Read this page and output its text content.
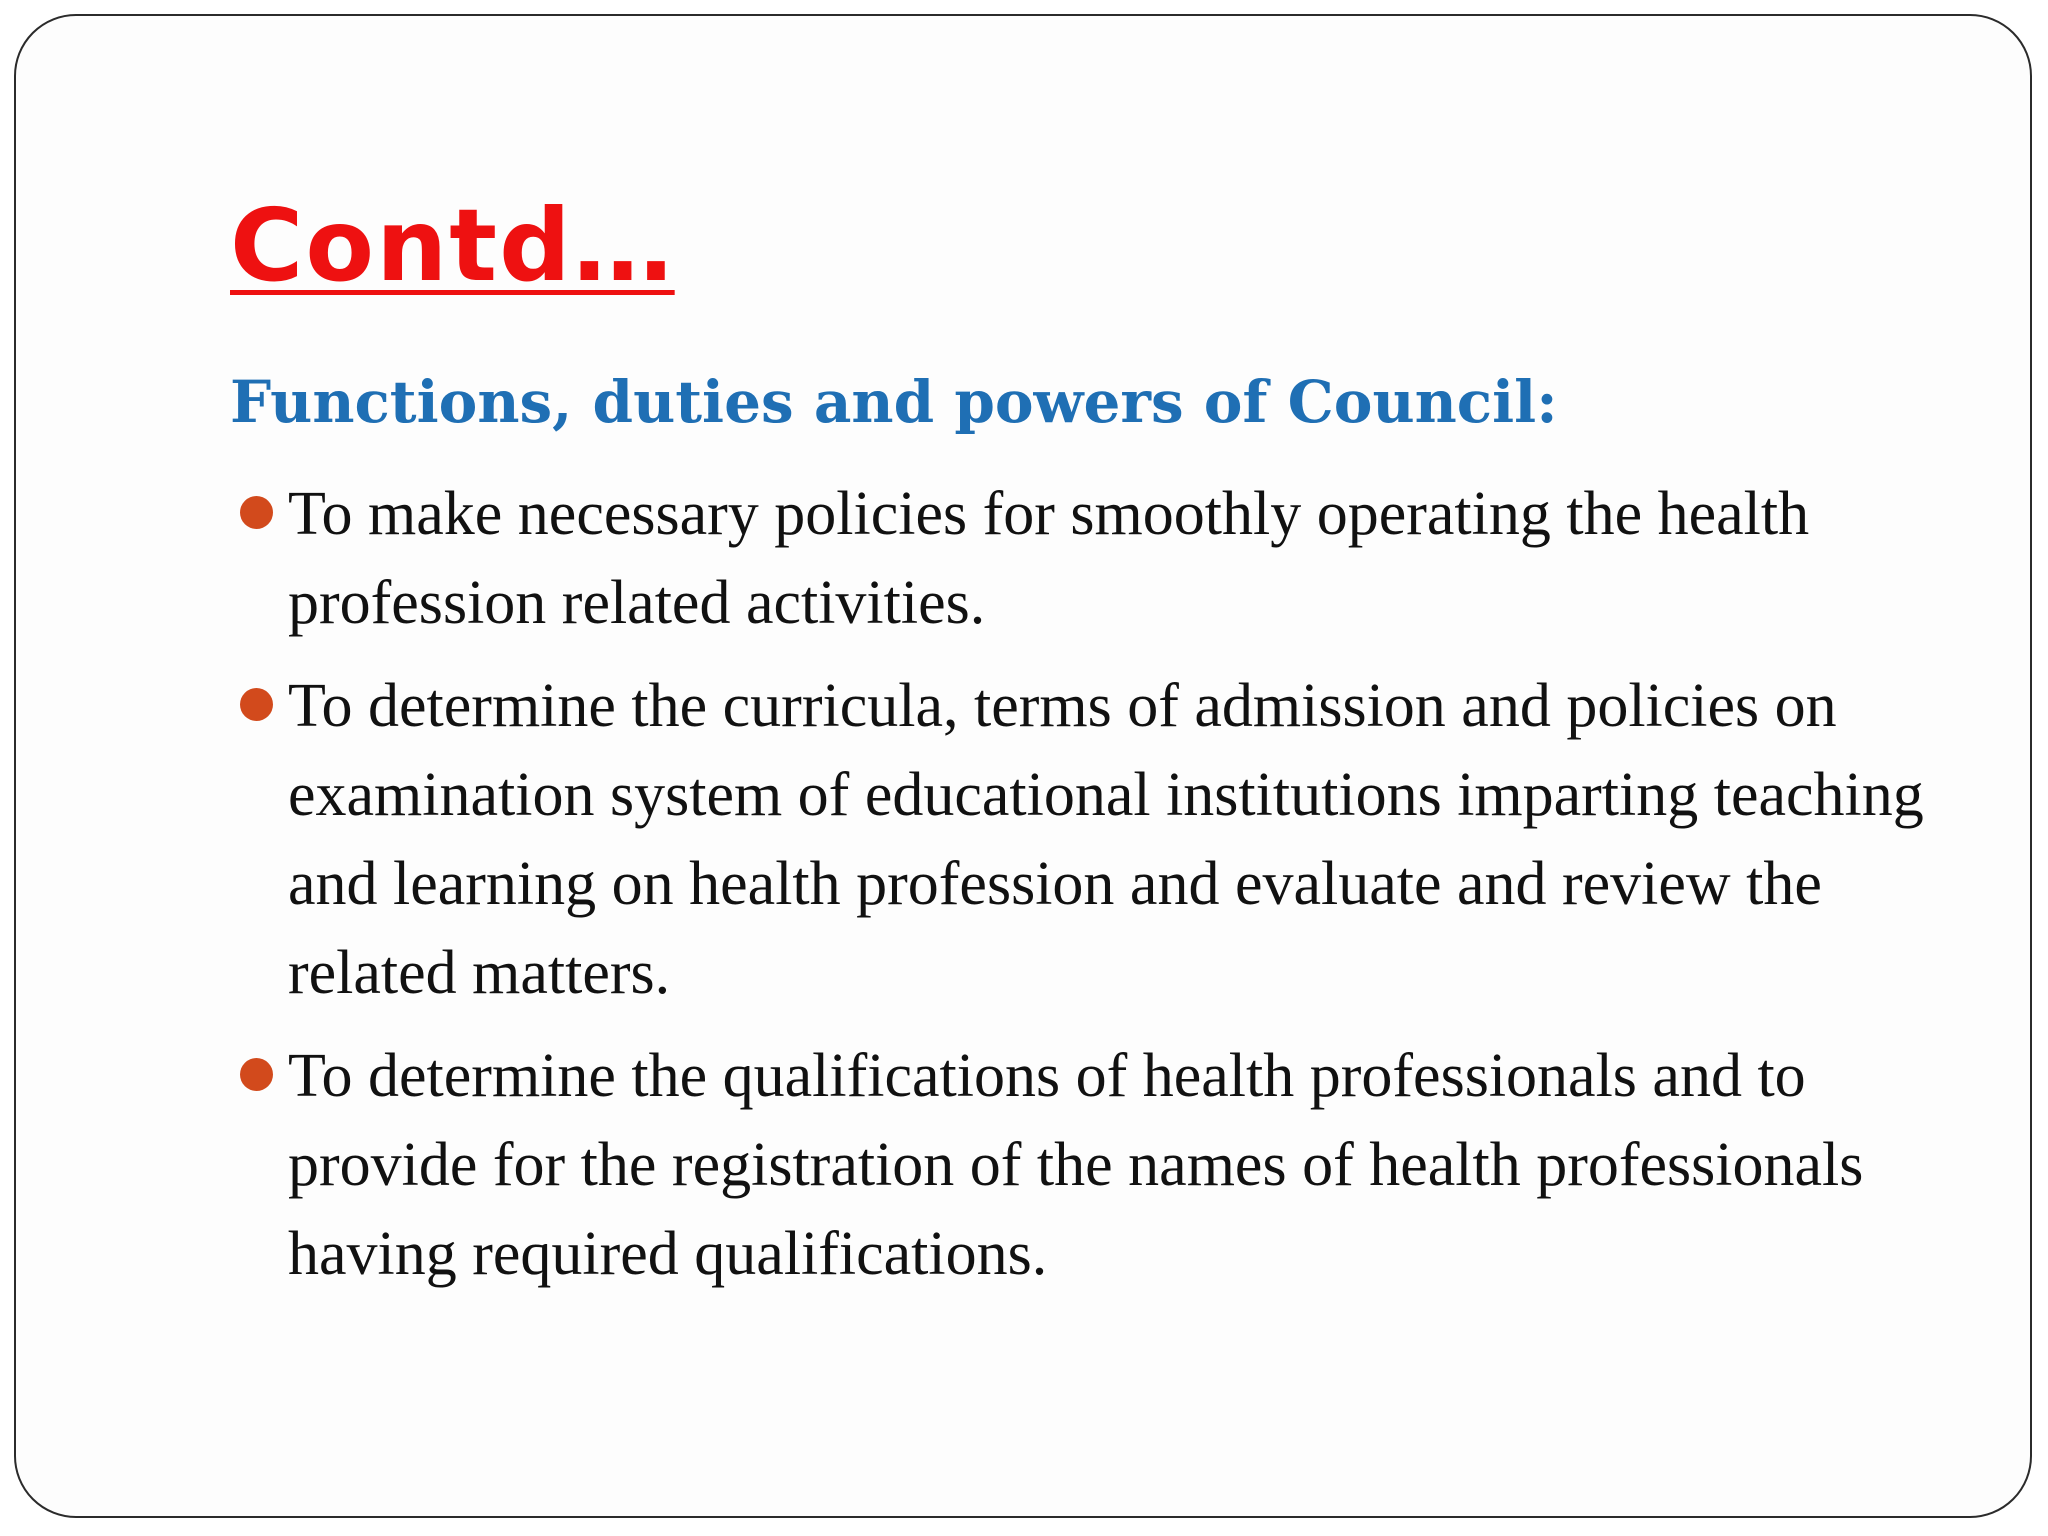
Contd…
Functions, duties and powers of Council:
To make necessary policies for smoothly operating the health profession related activities.
To determine the curricula, terms of admission and policies on examination system of educational institutions imparting teaching and learning on health profession and evaluate and review the related matters.
To determine the qualifications of health professionals and to provide for the registration of the names of health professionals having required qualifications.
